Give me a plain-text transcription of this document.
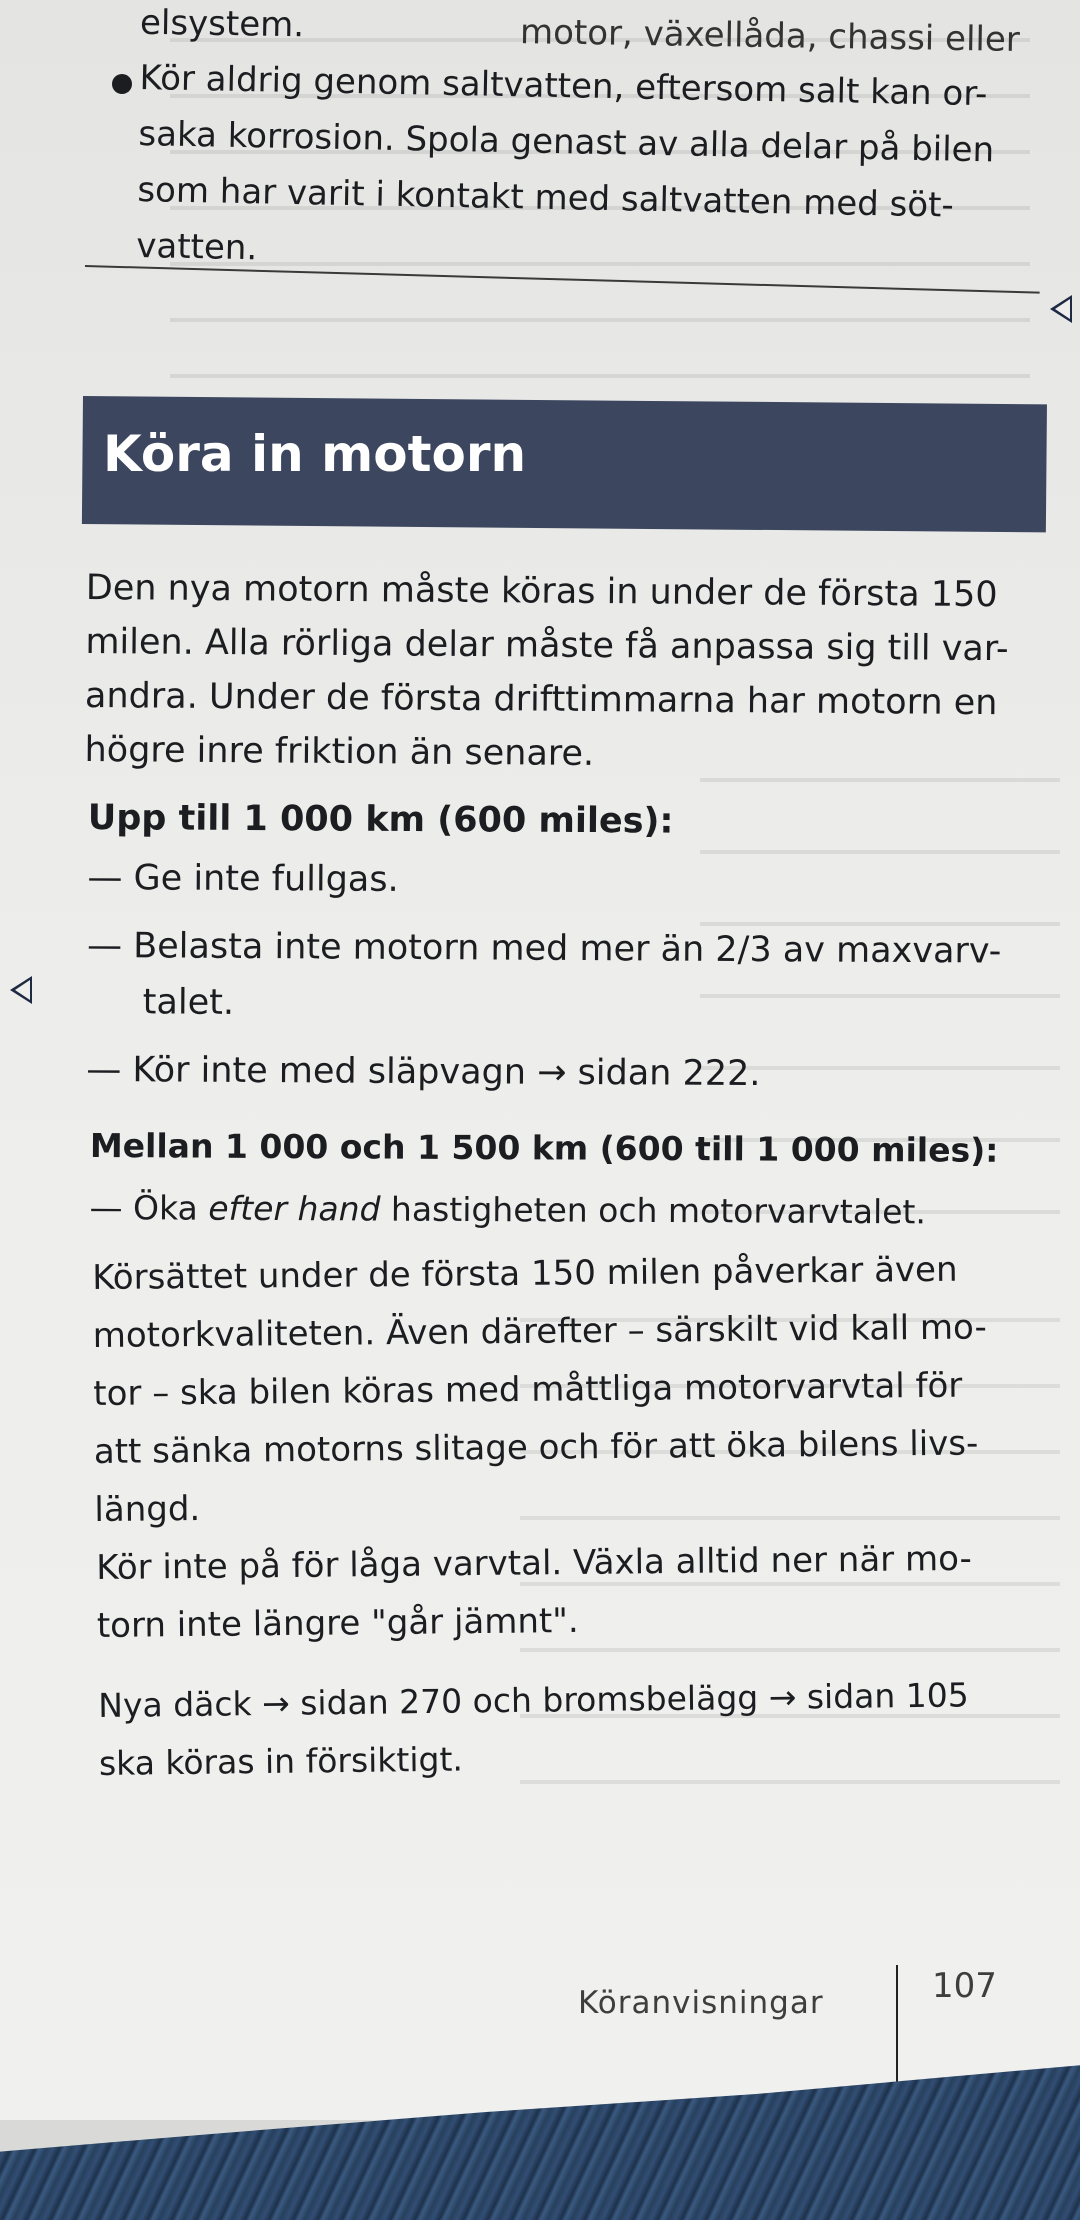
elsystem.	motor, växellåda, chassi eller
Kör aldrig genom saltvatten, eftersom salt kan or-
saka korrosion. Spola genast av alla delar på bilen
som har varit i kontakt med saltvatten med söt-
vatten.
Köra in motorn
Den nya motorn måste köras in under de första 150
milen. Alla rörliga delar måste få anpassa sig till var-
andra. Under de första drifttimmarna har motorn en
högre inre friktion än senare.
Upp till 1 000 km (600 miles):
— Ge inte fullgas.
— Belasta inte motorn med mer än 2/3 av maxvarv-
talet.
— Kör inte med släpvagn → sidan 222.
Mellan 1 000 och 1 500 km (600 till 1 000 miles):
— Öka efter hand hastigheten och motorvarvtalet.
Körsättet under de första 150 milen påverkar även
motorkvaliteten. Även därefter – särskilt vid kall mo-
tor – ska bilen köras med måttliga motorvarvtal för
att sänka motorns slitage och för att öka bilens livs-
längd.
Kör inte på för låga varvtal. Växla alltid ner när mo-
torn inte längre "går jämnt".
Nya däck → sidan 270 och bromsbelägg → sidan 105
ska köras in försiktigt.
Köranvisningar	107
